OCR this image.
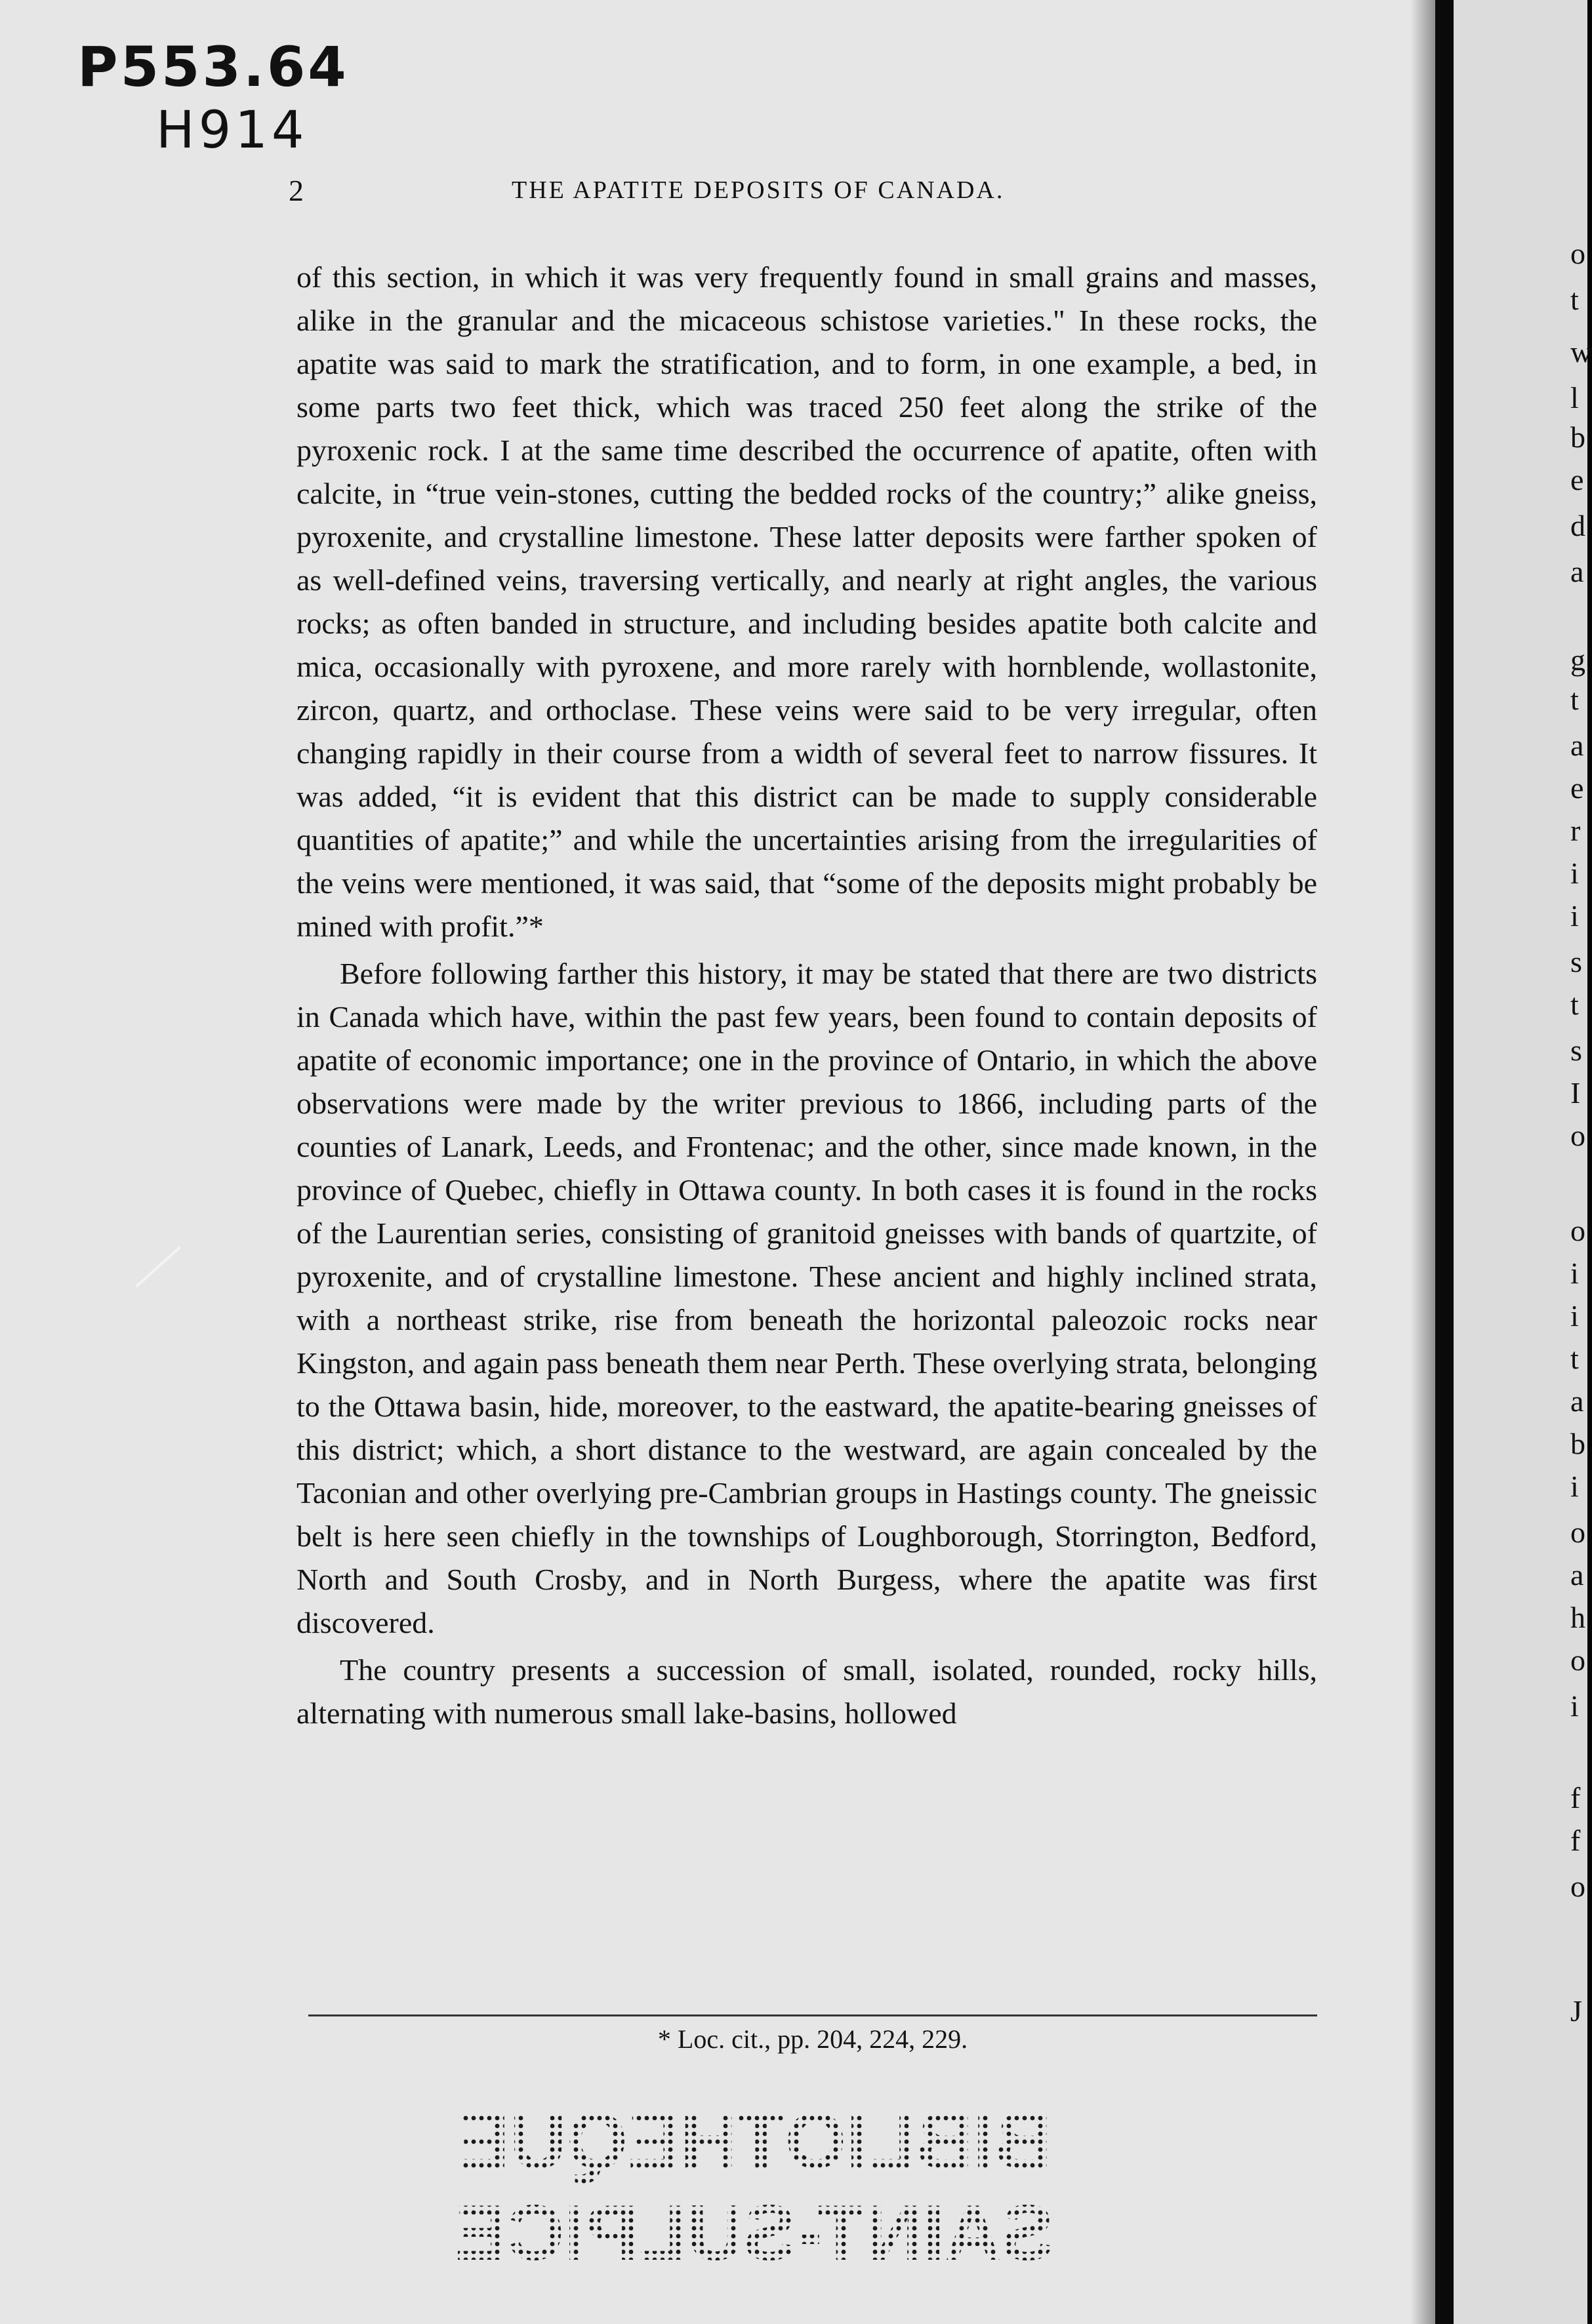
o
t
w
l
b
e
d
a
g
t
a
e
r
i
i
s
t
s
I
o
o
i
i
t
a
b
i
o
a
h
o
i
f
f
o
J
P553.64
H914
2	THE APATITE DEPOSITS OF CANADA.

of this section, in which it was very frequently found in small grains and masses, alike in the granular and the micaceous schistose varieties." In these rocks, the apatite was said to mark the stratification, and to form, in one example, a bed, in some parts two feet thick, which was traced 250 feet along the strike of the pyroxenic rock. I at the same time described the occurrence of apatite, often with calcite, in “true vein-stones, cutting the bedded rocks of the country;” alike gneiss, pyroxenite, and crystalline limestone. These latter deposits were farther spoken of as well-defined veins, traversing vertically, and nearly at right angles, the various rocks; as often banded in structure, and including besides apatite both calcite and mica, occasionally with pyroxene, and more rarely with hornblende, wollastonite, zircon, quartz, and orthoclase. These veins were said to be very irregular, often changing rapidly in their course from a width of several feet to narrow fissures. It was added, “it is evident that this district can be made to supply considerable quantities of apatite;” and while the uncertainties arising from the irregularities of the veins were mentioned, it was said, that “some of the deposits might probably be mined with profit.”*

Before following farther this history, it may be stated that there are two districts in Canada which have, within the past few years, been found to contain deposits of apatite of economic importance; one in the province of Ontario, in which the above observations were made by the writer previous to 1866, including parts of the counties of Lanark, Leeds, and Frontenac; and the other, since made known, in the province of Quebec, chiefly in Ottawa county. In both cases it is found in the rocks of the Laurentian series, consisting of granitoid gneisses with bands of quartzite, of pyroxenite, and of crystalline limestone. These ancient and highly inclined strata, with a northeast strike, rise from beneath the horizontal paleozoic rocks near Kingston, and again pass beneath them near Perth. These overlying strata, belonging to the Ottawa basin, hide, moreover, to the eastward, the apatite-bearing gneisses of this district; which, a short distance to the westward, are again concealed by the Taconian and other overlying pre-Cambrian groups in Hastings county. The gneissic belt is here seen chiefly in the townships of Loughborough, Storrington, Bedford, North and South Crosby, and in North Burgess, where the apatite was first discovered.

The country presents a succession of small, isolated, rounded, rocky hills, alternating with numerous small lake-basins, hollowed

* Loc. cit., pp. 204, 224, 229.
BIBLIOTHEQUE
SAINT-SULPICE
